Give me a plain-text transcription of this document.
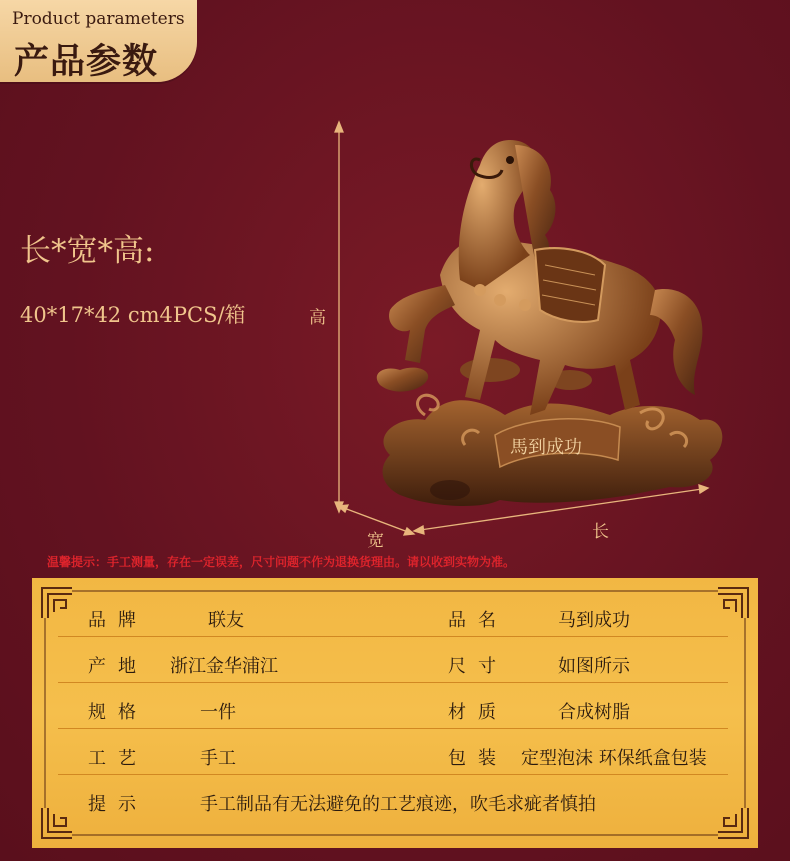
Product parameters
产品参数
长*宽*高:
40*17*42 cm4PCS/箱	高
宽	长
馬到成功
温馨提示：手工测量，存在一定误差，尺寸问题不作为退换货理由。请以收到实物为准。
品牌	联友	品名	马到成功
产地 浙江金华浦江	尺寸	如图所示
规格	一件	材质	合成树脂
工艺	手工	包装 定型泡沫 环保纸盒包装
提示	手工制品有无法避免的工艺痕迹，吹毛求疵者慎拍
